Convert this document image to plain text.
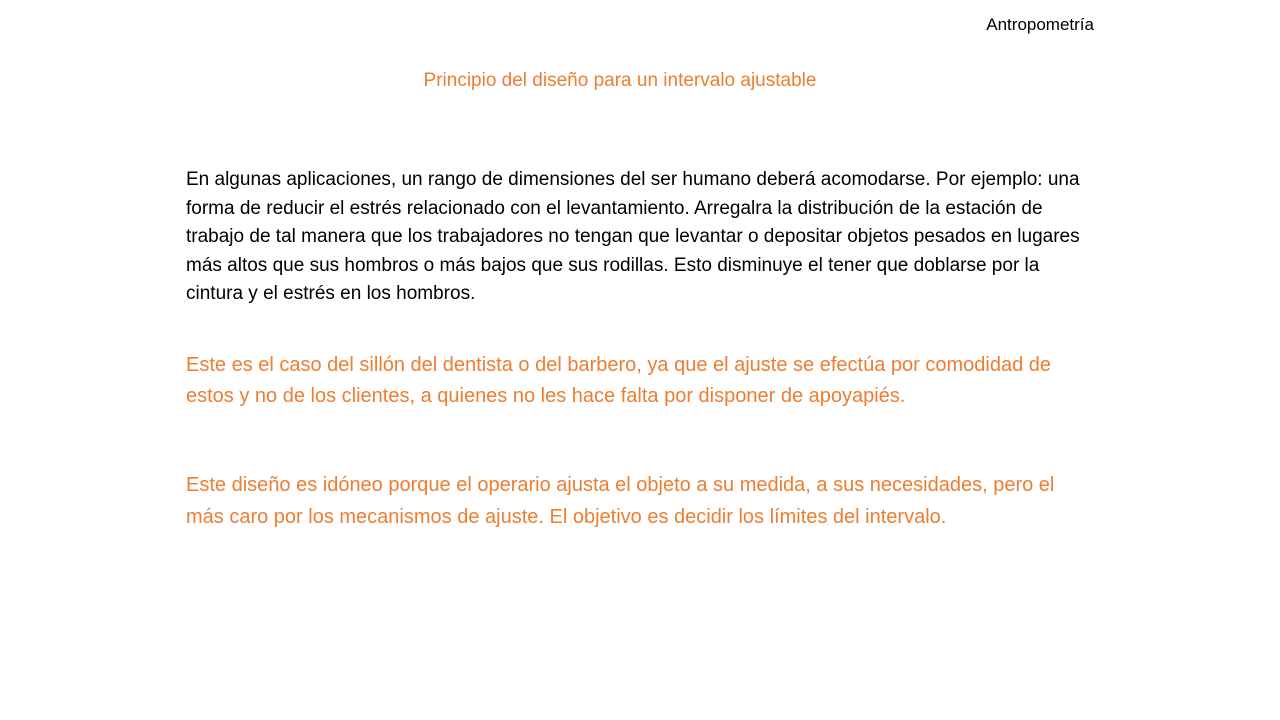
Antropometría
Principio del diseño para un intervalo ajustable

En algunas aplicaciones, un rango de dimensiones del ser humano deberá acomodarse. Por ejemplo: una forma de reducir el estrés relacionado con el levantamiento. Arregalra la distribución de la estación de trabajo de tal manera que los trabajadores no tengan que levantar o depositar objetos pesados en lugares más altos que sus hombros o más bajos que sus rodillas. Esto disminuye el tener que doblarse por la cintura y el estrés en los hombros.

Este es el caso del sillón del dentista o del barbero, ya que el ajuste se efectúa por comodidad de estos y no de los clientes, a quienes no les hace falta por disponer de apoyapiés.

Este diseño es idóneo porque el operario ajusta el objeto a su medida, a sus necesidades, pero el más caro por los mecanismos de ajuste. El objetivo es decidir los límites del intervalo.
